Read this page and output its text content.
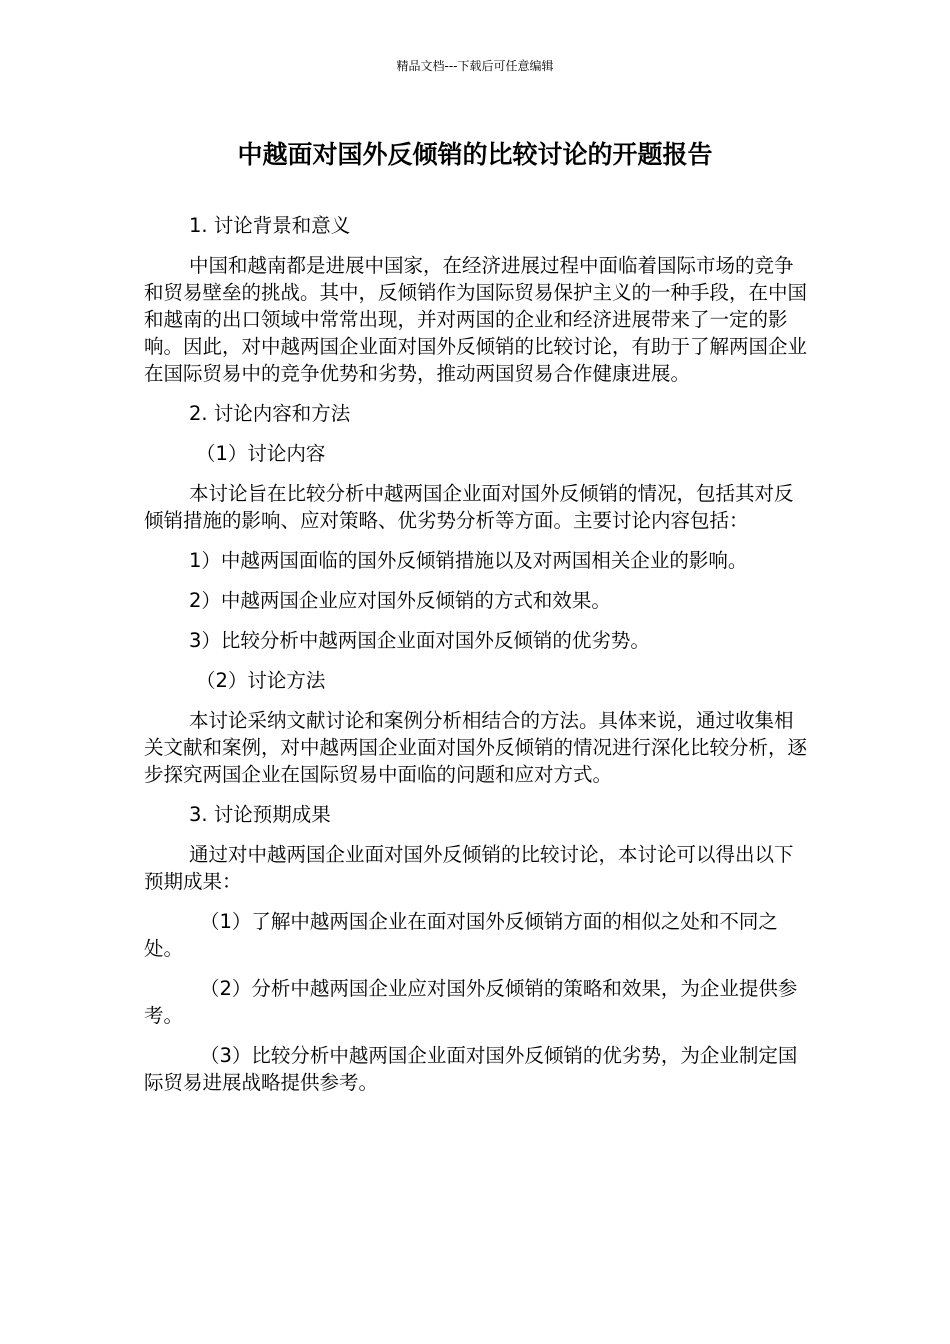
精品文档---下载后可任意编辑
中越面对国外反倾销的比较讨论的开题报告

1. 讨论背景和意义

中国和越南都是进展中国家，在经济进展过程中面临着国际市场的竞争和贸易壁垒的挑战。其中，反倾销作为国际贸易保护主义的一种手段，在中国和越南的出口领域中常常出现，并对两国的企业和经济进展带来了一定的影响。因此，对中越两国企业面对国外反倾销的比较讨论，有助于了解两国企业在国际贸易中的竞争优势和劣势，推动两国贸易合作健康进展。

2. 讨论内容和方法

（1）讨论内容

本讨论旨在比较分析中越两国企业面对国外反倾销的情况，包括其对反倾销措施的影响、应对策略、优劣势分析等方面。主要讨论内容包括：

1）中越两国面临的国外反倾销措施以及对两国相关企业的影响。

2）中越两国企业应对国外反倾销的方式和效果。

3）比较分析中越两国企业面对国外反倾销的优劣势。

（2）讨论方法

本讨论采纳文献讨论和案例分析相结合的方法。具体来说，通过收集相关文献和案例，对中越两国企业面对国外反倾销的情况进行深化比较分析，逐步探究两国企业在国际贸易中面临的问题和应对方式。

3. 讨论预期成果

通过对中越两国企业面对国外反倾销的比较讨论，本讨论可以得出以下预期成果：

（1）了解中越两国企业在面对国外反倾销方面的相似之处和不同之处。

（2）分析中越两国企业应对国外反倾销的策略和效果，为企业提供参考。

（3）比较分析中越两国企业面对国外反倾销的优劣势，为企业制定国际贸易进展战略提供参考。
